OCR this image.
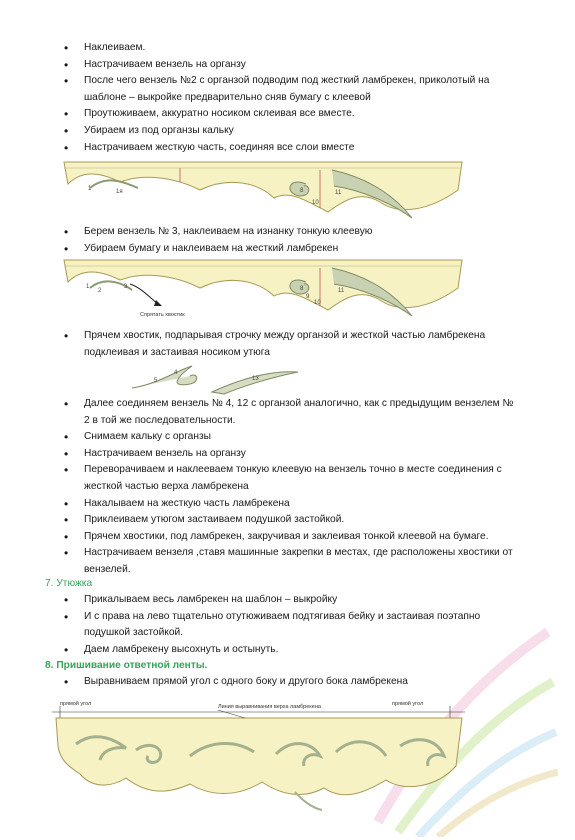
• Наклеиваем.
• Настрачиваем вензель на органзу
• После чего вензель №2 с органзой подводим под жесткий ламбрекен, приколотый на шаблоне – выкройке предварительно сняв бумагу с клеевой
• Проутюживаем, аккуратно носиком склеивая все вместе.
• Убираем из под органзы кальку
• Настрачиваем жесткую часть, соединяя все слои вместе
1	1я	8
10
11
• Берем вензель № 3, наклеиваем на изнанку тонкую клеевую
• Убираем бумагу и наклеиваем на жесткий ламбрекен
1
2
3	8
9
10
11
Спрятать хвостик
• Прячем хвостик, подпарывая строчку между органзой и жесткой частью ламбрекена подклеивая и застаивая носиком утюга
5
4
13
• Далее соединяем вензель № 4, 12 с органзой аналогично, как с предыдущим вензелем № 2 в той же последовательности.
• Снимаем кальку с органзы
• Настрачиваем вензель на органзу
• Переворачиваем и наклееваем тонкую клеевую на вензель точно в месте соединения с жесткой частью верха ламбрекена
• Накалываем на жесткую часть ламбрекена
• Приклеиваем утюгом застаиваем подушкой застойкой.
• Прячем хвостики, под ламбрекен, закручивая и заклеивая тонкой клеевой на бумаге.
• Настрачиваем вензеля ,ставя машинные закрепки в местах, где расположены хвостики от вензелей.
7. Утюжка
• Прикалываем весь ламбрекен на шаблон – выкройку
• И с права на лево тщательно отутюживаем подтягивая бейку и застаивая поэтапно подушкой застойкой.
• Даем ламбрекену высохнуть и остынуть.
8. Пришивание ответной ленты.
• Выравниваем прямой угол с одного боку и другого бока ламбрекена
прямой угол	Линия выравнивания верха ламбрекена	прямой угол
